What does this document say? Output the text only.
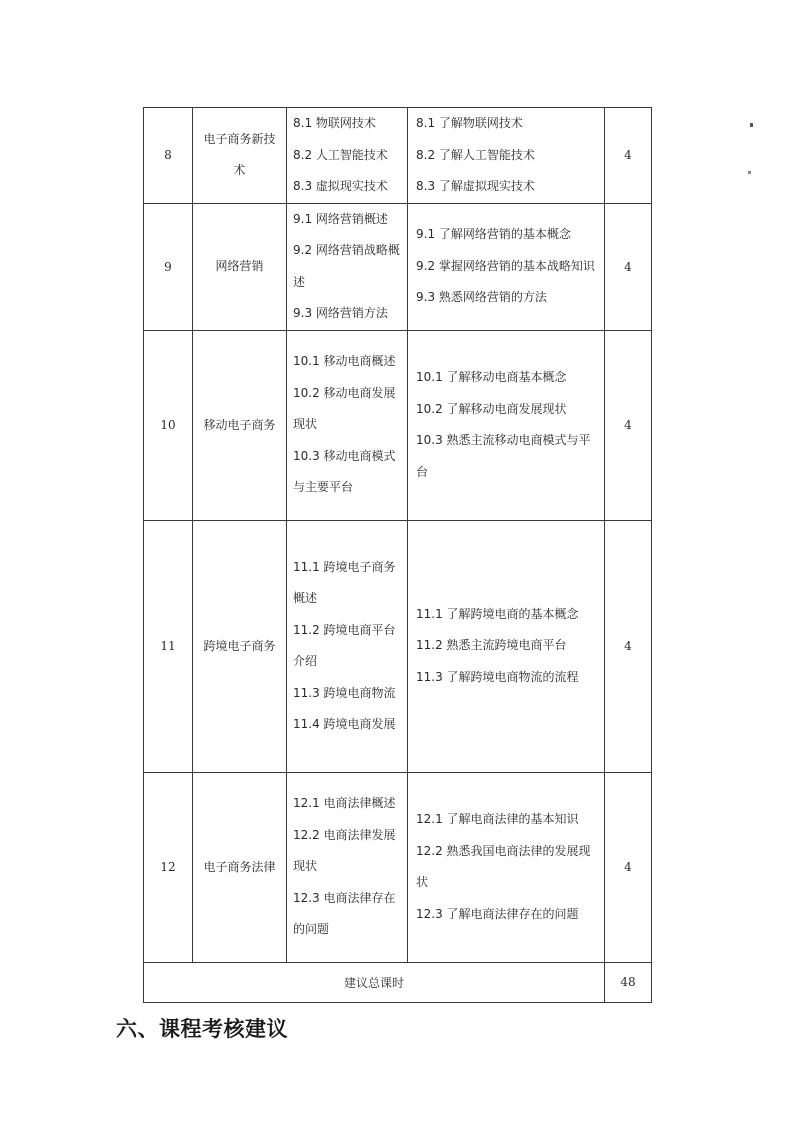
8	电子商务新技术	8.1 物联网技术
8.2 人工智能技术
8.3 虚拟现实技术	8.1 了解物联网技术
8.2 了解人工智能技术
8.3 了解虚拟现实技术	4
9	网络营销	9.1 网络营销概述
9.2 网络营销战略概述
9.3 网络营销方法	9.1 了解网络营销的基本概念
9.2 掌握网络营销的基本战略知识
9.3 熟悉网络营销的方法	4
10	移动电子商务	10.1 移动电商概述
10.2 移动电商发展现状
10.3 移动电商模式与主要平台	10.1 了解移动电商基本概念
10.2 了解移动电商发展现状
10.3 熟悉主流移动电商模式与平台	4
11	跨境电子商务	11.1 跨境电子商务概述
11.2 跨境电商平台介绍
11.3 跨境电商物流
11.4 跨境电商发展	11.1 了解跨境电商的基本概念
11.2 熟悉主流跨境电商平台
11.3 了解跨境电商物流的流程	4
12	电子商务法律	12.1 电商法律概述
12.2 电商法律发展现状
12.3 电商法律存在的问题	12.1 了解电商法律的基本知识
12.2 熟悉我国电商法律的发展现状
12.3 了解电商法律存在的问题	4
建议总课时				48
六、课程考核建议
